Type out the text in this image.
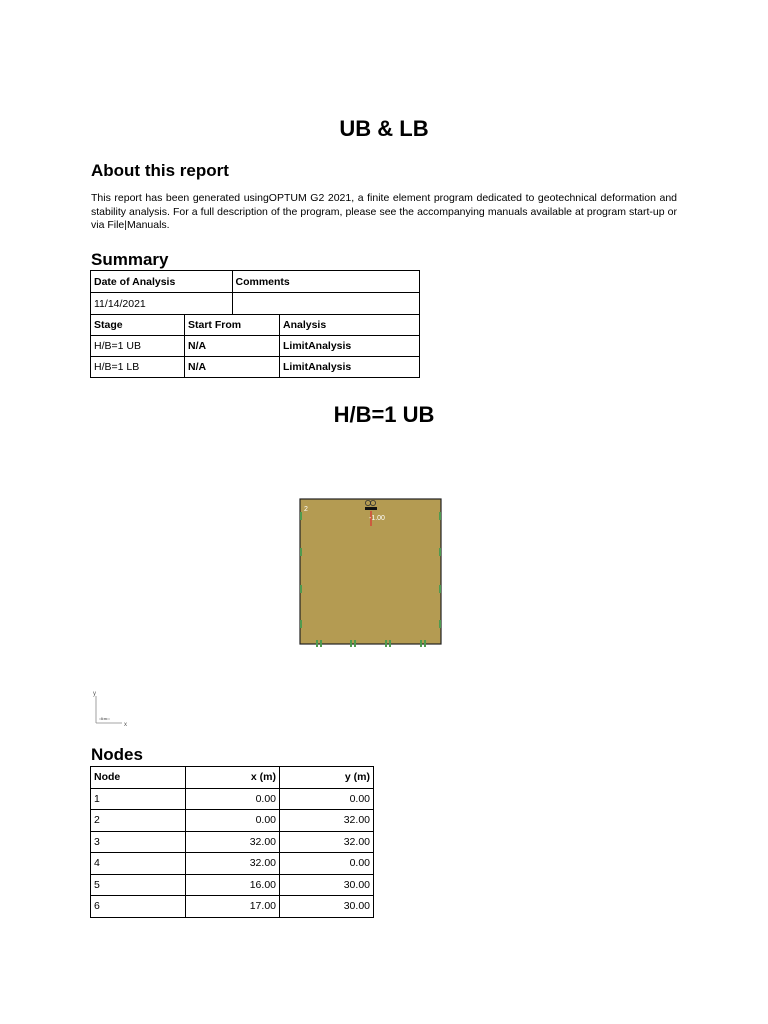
UB & LB
About this report
This report has been generated usingOPTUM G2 2021, a finite element program dedicated to geotechnical deformation and stability analysis. For a full description of the program, please see the accompanying manuals available at program start-up or via File|Manuals.
Summary
Date of Analysis		Comments	
11/14/2021			
Stage	Start From		Analysis
H/B=1 UB	N/A		LimitAnalysis
H/B=1 LB	N/A		LimitAnalysis
H/B=1 UB
2
-1.00
y
x
5 m
Nodes
Node	x (m)	y (m)
1	0.00	0.00
2	0.00	32.00
3	32.00	32.00
4	32.00	0.00
5	16.00	30.00
6	17.00	30.00
